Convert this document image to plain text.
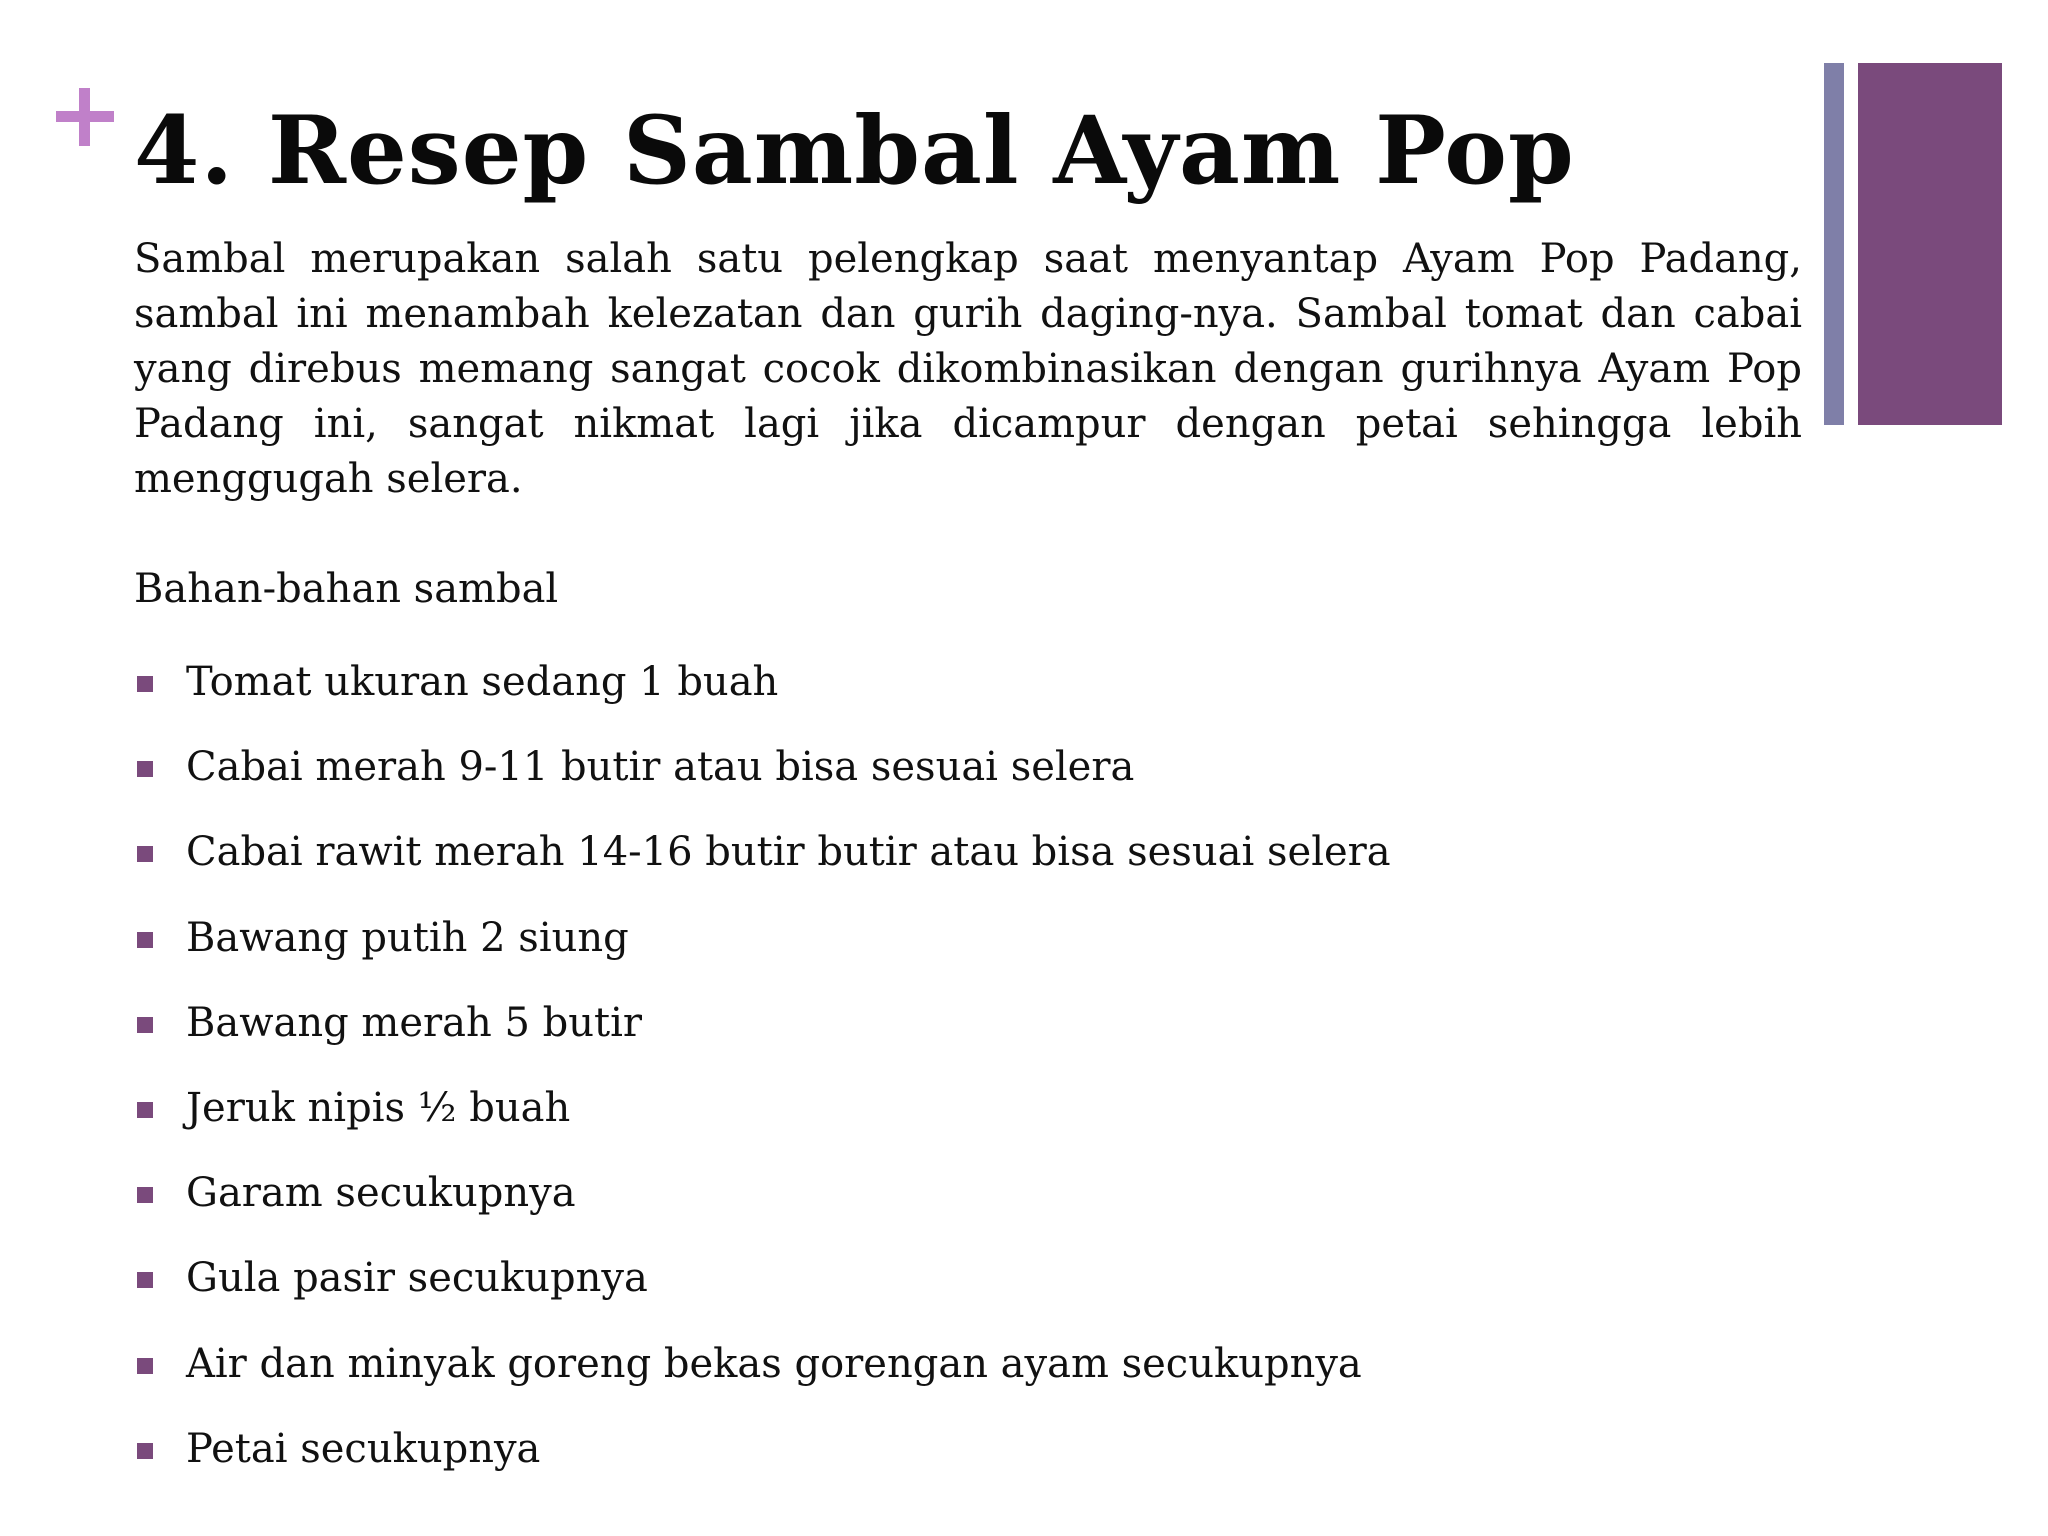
4. Resep Sambal Ayam Pop

Sambal merupakan salah satu pelengkap saat menyantap Ayam Pop Padang, sambal ini menambah kelezatan dan gurih daging-nya. Sambal tomat dan cabai yang direbus memang sangat cocok dikombinasikan dengan gurihnya Ayam Pop Padang ini, sangat nikmat lagi jika dicampur dengan petai sehingga lebih menggugah selera.

Bahan-bahan sambal

Tomat ukuran sedang 1 buah
Cabai merah 9-11 butir atau bisa sesuai selera
Cabai rawit merah 14-16 butir butir atau bisa sesuai selera
Bawang putih 2 siung
Bawang merah 5 butir
Jeruk nipis ½ buah
Garam secukupnya
Gula pasir secukupnya
Air dan minyak goreng bekas gorengan ayam secukupnya
Petai secukupnya
